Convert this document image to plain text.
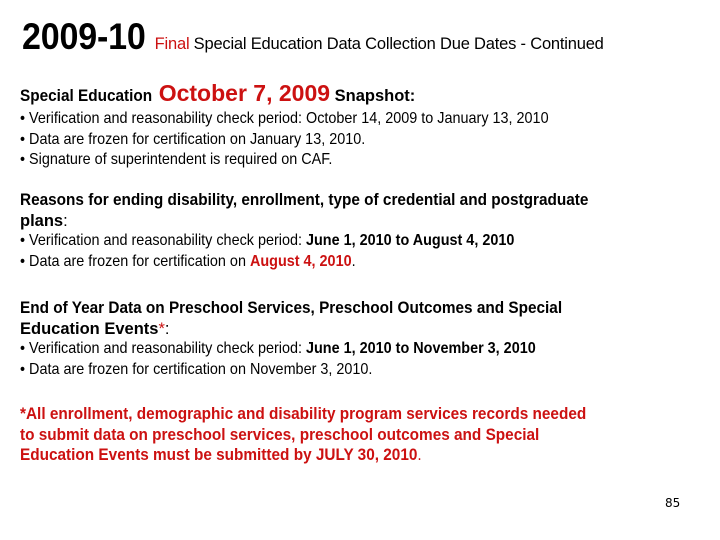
2009-10 Final Special Education Data Collection Due Dates - Continued
Special Education October 7, 2009 Snapshot:
• Verification and reasonability check period: October 14, 2009 to January 13, 2010
• Data are frozen for certification on January 13, 2010.
• Signature of superintendent is required on CAF.
Reasons for ending disability, enrollment, type of credential and postgraduate
plans:
• Verification and reasonability check period: June 1, 2010 to August 4, 2010
• Data are frozen for certification on August 4, 2010.
End of Year Data on Preschool Services, Preschool Outcomes and Special
Education Events*:
• Verification and reasonability check period: June 1, 2010 to November 3, 2010
• Data are frozen for certification on November 3, 2010.
*All enrollment, demographic and disability program services records needed
to submit data on preschool services, preschool outcomes and Special
Education Events must be submitted by JULY 30, 2010.
85
